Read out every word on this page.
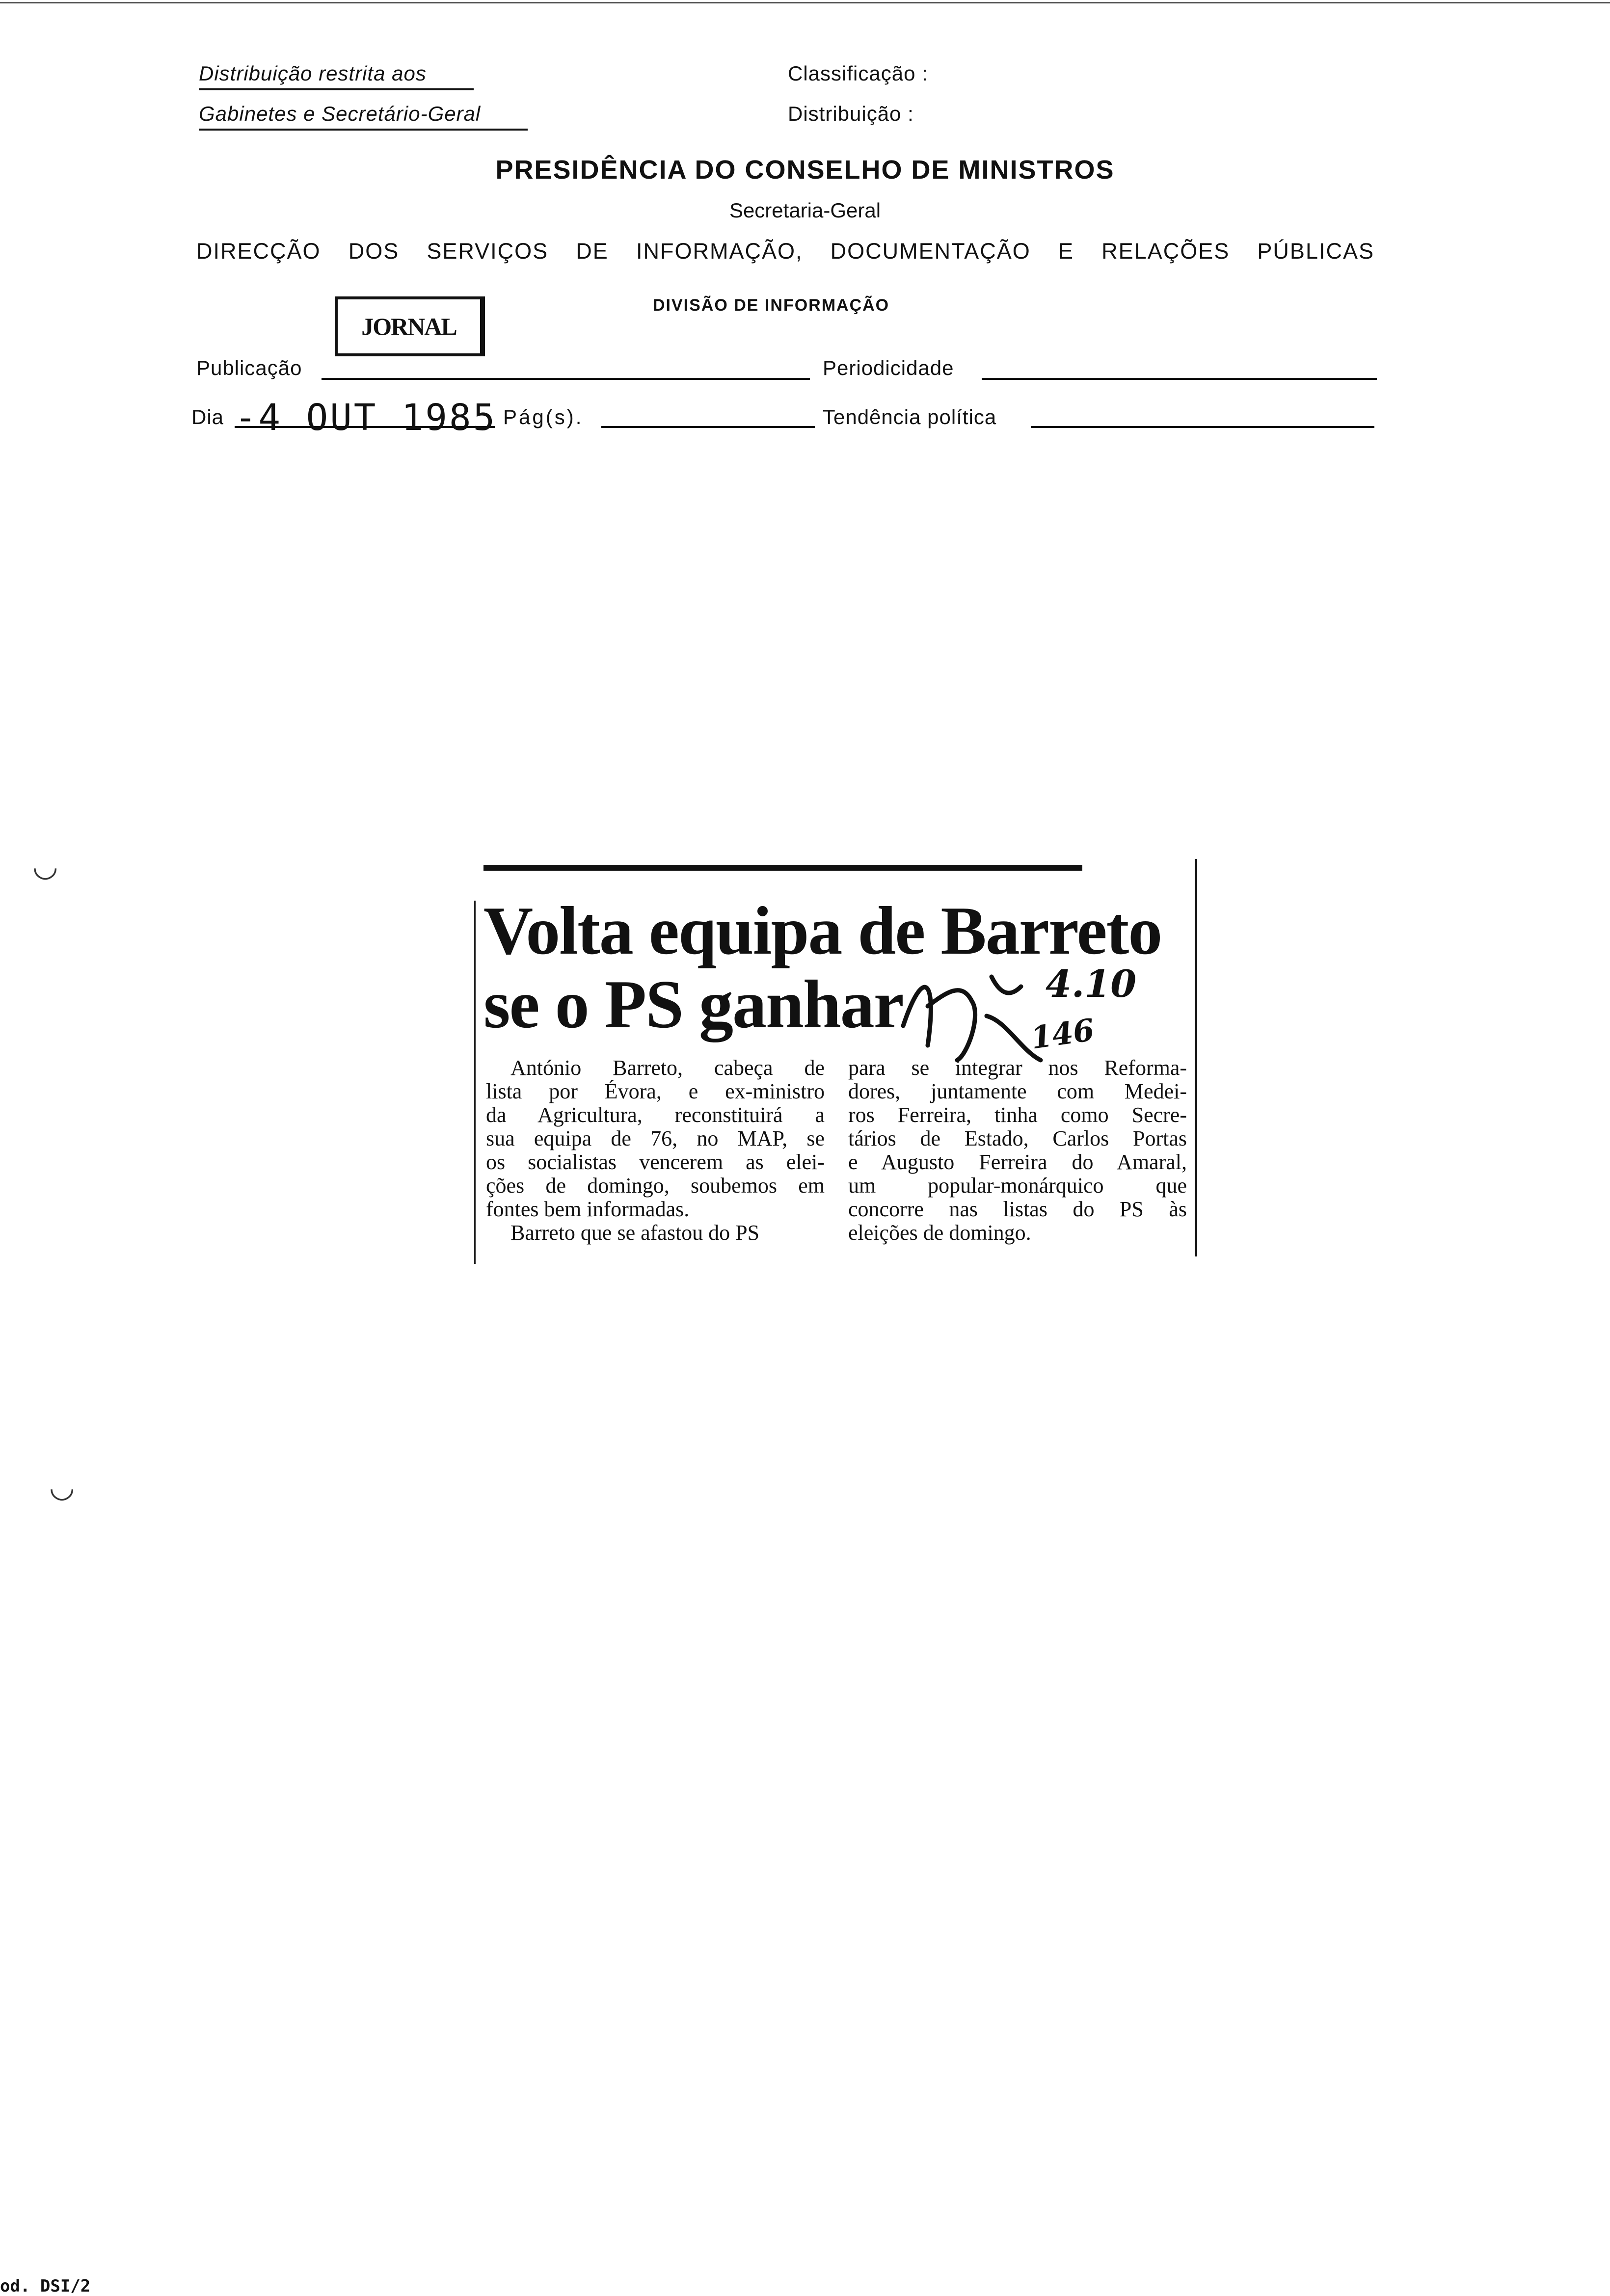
Distribuição restrita aos
Gabinetes e Secretário-Geral
Classificação :
Distribuição :
PRESIDÊNCIA DO CONSELHO DE MINISTROS
Secretaria-Geral
DIRECÇÃO DOS SERVIÇOS DE INFORMAÇÃO, DOCUMENTAÇÃO E RELAÇÕES PÚBLICAS
DIVISÃO DE INFORMAÇÃO
JORNAL
Publicação	Periodicidade
Dia -4 OUT 1985 Pág(s).	Tendência política
Volta equipa de Barreto
se o PS ganhar	4.10
146
António Barreto, cabeça de
lista por Évora, e ex-ministro
da Agricultura, reconstituirá a
sua equipa de 76, no MAP, se
os socialistas vencerem as elei-
ções de domingo, soubemos em
fontes bem informadas.
Barreto que se afastou do PS
para se integrar nos Reforma-
dores, juntamente com Medei-
ros Ferreira, tinha como Secre-
tários de Estado, Carlos Portas
e Augusto Ferreira do Amaral,
um popular-monárquico que
concorre nas listas do PS às
eleições de domingo.
◡
◡
od. DSI/2
